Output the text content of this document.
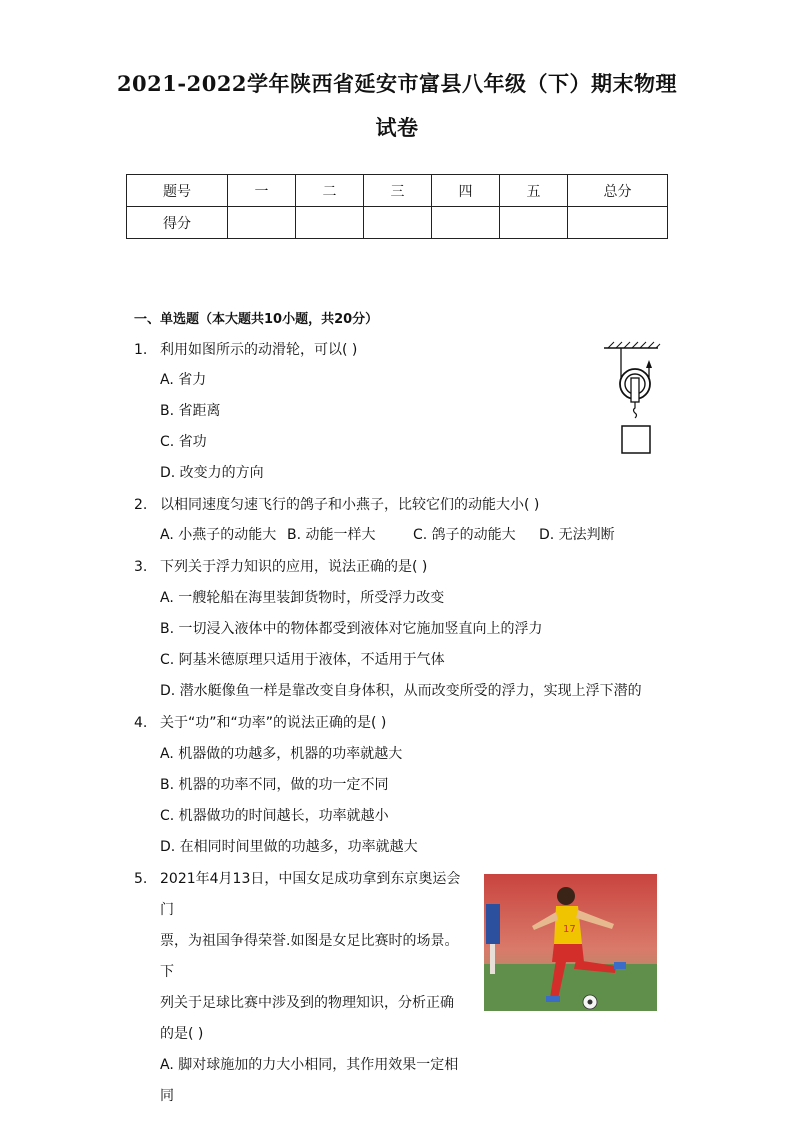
2021-2022学年陕西省延安市富县八年级（下）期末物理
试卷
题号	一	二	三	四	五	总分
得分						
一、单选题（本大题共10小题，共20分）
1. 利用如图所示的动滑轮，可以( )
A. 省力
B. 省距离
C. 省功
D. 改变力的方向
2. 以相同速度匀速飞行的鸽子和小燕子，比较它们的动能大小( )
A. 小燕子的动能大 B. 动能一样大	C. 鸽子的动能大 D. 无法判断
3. 下列关于浮力知识的应用，说法正确的是( )
A. 一艘轮船在海里装卸货物时，所受浮力改变
B. 一切浸入液体中的物体都受到液体对它施加竖直向上的浮力
C. 阿基米德原理只适用于液体，不适用于气体
D. 潜水艇像鱼一样是靠改变自身体积，从而改变所受的浮力，实现上浮下潜的
4. 关于“功”和“功率”的说法正确的是( )
A. 机器做的功越多，机器的功率就越大
B. 机器的功率不同，做的功一定不同
C. 机器做功的时间越长，功率就越小
D. 在相同时间里做的功越多，功率就越大
5. 2021年4月13日，中国女足成功拿到东京奥运会门
票，为祖国争得荣誉.如图是女足比赛时的场景。下
列关于足球比赛中涉及到的物理知识，分析正确
的是( )
A. 脚对球施加的力大小相同，其作用效果一定相
同
17
